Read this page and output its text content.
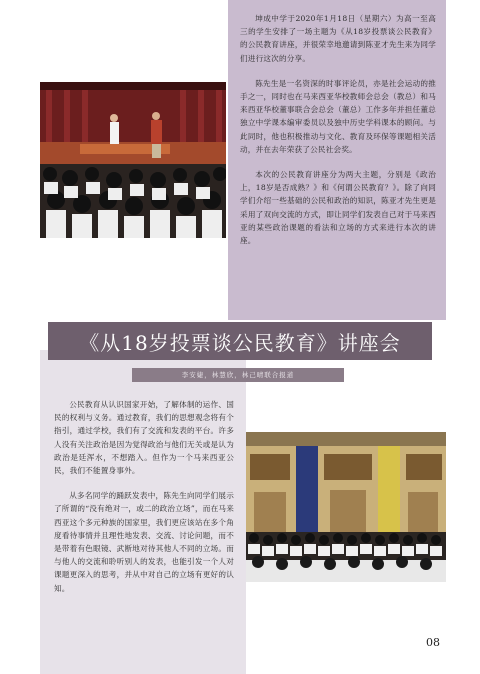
坤成中学于2020年1月18日（星期六）为高一至高三的学生安排了一场主题为《从18岁投票谈公民教育》的公民教育讲座，并很荣幸地邀请到陈亚才先生来为同学们进行这次的分享。

陈先生是一名资深的时事评论员，亦是社会运动的推手之一，同时也在马来西亚华校教师会总会（教总）和马来西亚华校董事联合会总会（董总）工作多年并担任董总独立中学课本编审委员以及独中历史学科课本的顾问。与此同时，他也积极推动与文化、教育及环保等课题相关活动，并在去年荣获了公民社会奖。

本次的公民教育讲座分为两大主题，分别是《政治上，18岁是否成熟？》和《何谓公民教育？》。除了向同学们介绍一些基础的公民和政治的知识，陈亚才先生更是采用了双向交流的方式，即让同学们发表自己对于马来西亚的某些政治课题的看法和立场的方式来进行本次的讲座。

《从18岁投票谈公民教育》讲座会
李安婕，林慧欣，林己晴联合报道

公民教育从认识国家开始，了解体制的运作、国民的权利与义务。通过教育，我们的思想观念将有个指引，通过学校，我们有了交流和发表的平台。许多人没有关注政治是因为觉得政治与他们无关或是认为政治是廷浑水，不想踏入。但作为一个马来西亚公民，我们不能置身事外。

从多名同学的踊跃发表中，陈先生向同学们展示了所谓的“没有绝对一，或二的政治立场”，而在马来西亚这个多元种族的国家里，我们更应该站在多个角度看待事情并且理性地发表、交流、讨论问题，而不是带着有色眼镜、武断地对待其他人不同的立场。而与他人的交流和聆听别人的发表，也能引发一个人对课题更深入的思考，并从中对自己的立场有更好的认知。

08
